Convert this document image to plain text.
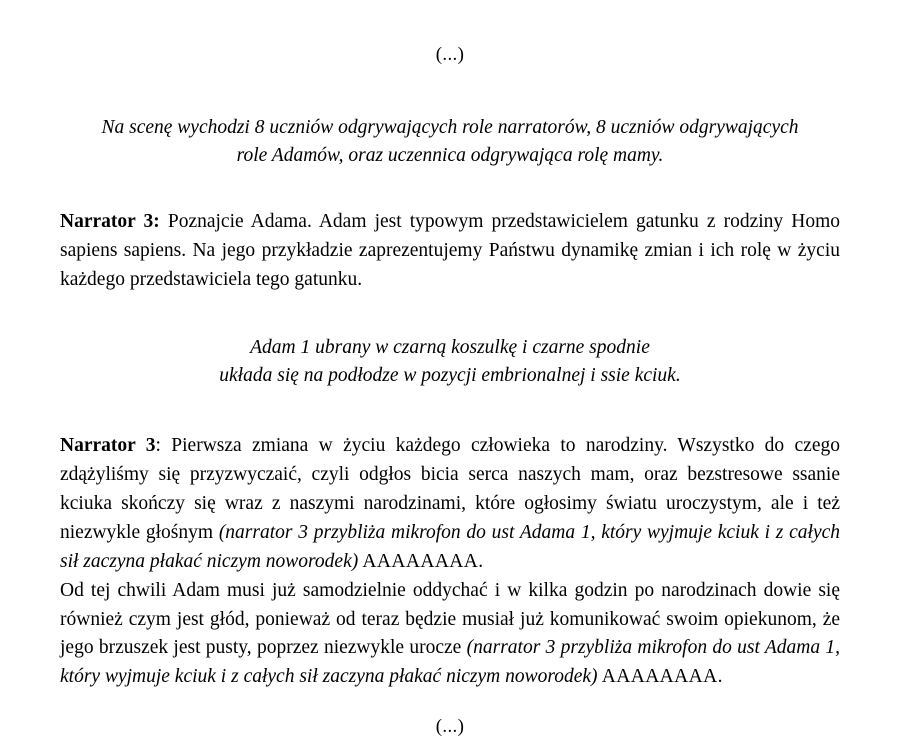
(...)

Na scenę wychodzi 8 uczniów odgrywających role narratorów, 8 uczniów odgrywających
role Adamów, oraz uczennica odgrywająca rolę mamy.

Narrator 3: Poznajcie Adama. Adam jest typowym przedstawicielem gatunku z rodziny Homo sapiens sapiens. Na jego przykładzie zaprezentujemy Państwu dynamikę zmian i ich rolę w życiu każdego przedstawiciela tego gatunku.

Adam 1 ubrany w czarną koszulkę i czarne spodnie
układa się na podłodze w pozycji embrionalnej i ssie kciuk.

Narrator 3: Pierwsza zmiana w życiu każdego człowieka to narodziny. Wszystko do czego zdążyliśmy się przyzwyczaić, czyli odgłos bicia serca naszych mam, oraz bezstresowe ssanie kciuka skończy się wraz z naszymi narodzinami, które ogłosimy światu uroczystym, ale i też niezwykle głośnym (narrator 3 przybliża mikrofon do ust Adama 1, który wyjmuje kciuk i z całych sił zaczyna płakać niczym noworodek) AAAAAAAA.

Od tej chwili Adam musi już samodzielnie oddychać i w kilka godzin po narodzinach dowie się również czym jest głód, ponieważ od teraz będzie musiał już komunikować swoim opiekunom, że jego brzuszek jest pusty, poprzez niezwykle urocze (narrator 3 przybliża mikrofon do ust Adama 1, który wyjmuje kciuk i z całych sił zaczyna płakać niczym noworodek) AAAAAAAA.

(...)
